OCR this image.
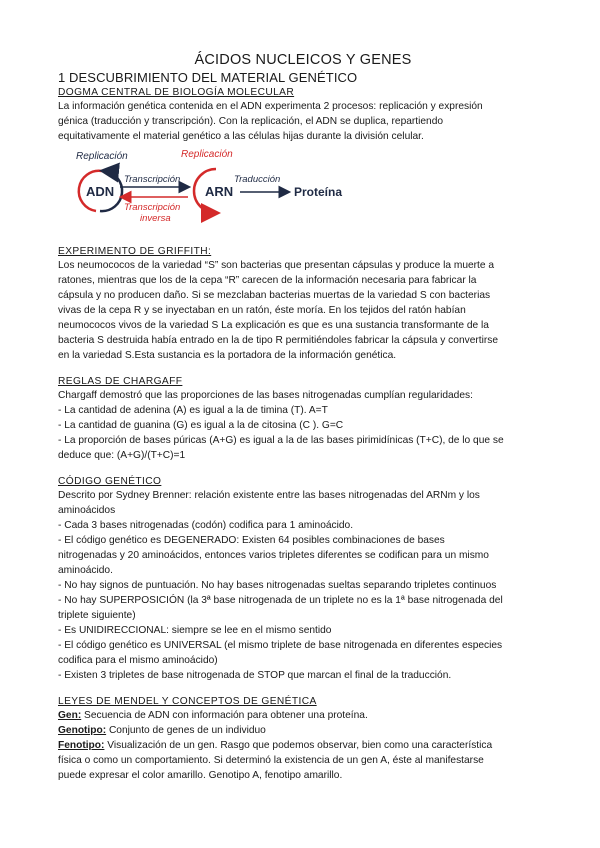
ÁCIDOS NUCLEICOS Y GENES
1 DESCUBRIMIENTO DEL MATERIAL GENÉTICO
DOGMA CENTRAL DE BIOLOGÍA MOLECULAR
La información genética contenida en el ADN experimenta 2 procesos: replicación y expresión
génica (traducción y transcripción). Con la replicación, el ADN se duplica, repartiendo
equitativamente el material genético a las células hijas durante la división celular.
Replicación	Replicación
ADN	ARN
Transcripción
Transcripción
inversa
Traducción
Proteína
EXPERIMENTO DE GRIFFITH:
Los neumococos de la variedad “S” son bacterias que presentan cápsulas y produce la muerte a
ratones, mientras que los de la cepa “R” carecen de la información necesaria para fabricar la
cápsula y no producen daño. Si se mezclaban bacterias muertas de la variedad S con bacterias
vivas de la cepa R y se inyectaban en un ratón, éste moría. En los tejidos del ratón habían
neumococos vivos de la variedad S La explicación es que es una sustancia transformante de la
bacteria S destruida había entrado en la de tipo R permitiéndoles fabricar la cápsula y convertirse
en la variedad S.Esta sustancia es la portadora de la información genética.
REGLAS DE CHARGAFF
Chargaff demostró que las proporciones de las bases nitrogenadas cumplían regularidades:
- La cantidad de adenina (A) es igual a la de timina (T). A=T
- La cantidad de guanina (G) es igual a la de citosina (C ). G=C
- La proporción de bases púricas (A+G) es igual a la de las bases pirimidínicas (T+C), de lo que se
deduce que: (A+G)/(T+C)=1
CÓDIGO GENÉTICO
Descrito por Sydney Brenner: relación existente entre las bases nitrogenadas del ARNm y los
aminoácidos
- Cada 3 bases nitrogenadas (codón) codifica para 1 aminoácido.
- El código genético es DEGENERADO: Existen 64 posibles combinaciones de bases
nitrogenadas y 20 aminoácidos, entonces varios tripletes diferentes se codifican para un mismo
aminoácido.
- No hay signos de puntuación. No hay bases nitrogenadas sueltas separando tripletes continuos
- No hay SUPERPOSICIÓN (la 3ª base nitrogenada de un triplete no es la 1ª base nitrogenada del
triplete siguiente)
- Es UNIDIRECCIONAL: siempre se lee en el mismo sentido
- El código genético es UNIVERSAL (el mismo triplete de base nitrogenada en diferentes especies
codifica para el mismo aminoácido)
- Existen 3 tripletes de base nitrogenada de STOP que marcan el final de la traducción.
LEYES DE MENDEL Y CONCEPTOS DE GENÉTICA
Gen: Secuencia de ADN con información para obtener una proteína.
Genotipo: Conjunto de genes de un individuo
Fenotipo: Visualización de un gen. Rasgo que podemos observar, bien como una característica
física o como un comportamiento. Si determinó la existencia de un gen A, éste al manifestarse
puede expresar el color amarillo. Genotipo A, fenotipo amarillo.
